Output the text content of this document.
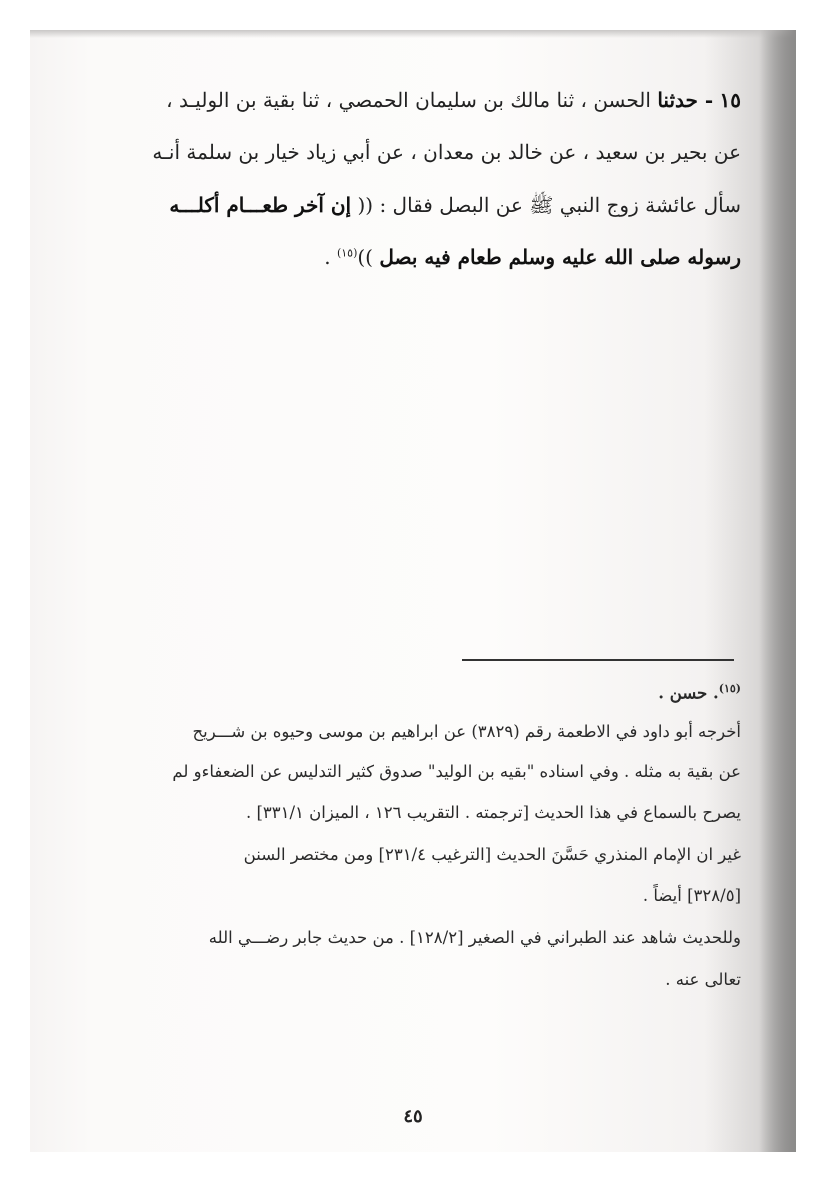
١٥ - حدثنا الحسن ، ثنا مالك بن سليمان الحمصي ، ثنا بقية بن الوليـد ،
عن بحير بن سعيد ، عن خالد بن معدان ، عن أبي زياد خيار بن سلمة أنـه
سأل عائشة زوج النبي ﷺ عن البصل فقال : (( إن آخر طعـــام أكلـــه
رسوله صلى الله عليه وسلم طعام فيه بصل ))$^{(١٥)}$ .
$^{(١٥)}$. حسن .
أخرجه أبو داود في الاطعمة رقم (٣٨٢٩) عن ابراهيم بن موسى وحيوه بن شـــريح
عن بقية به مثله . وفي اسناده "بقيه بن الوليد" صدوق كثير التدليس عن الضعفاءو لم
يصرح بالسماع في هذا الحديث [ترجمته . التقريب ١٢٦ ، الميزان ٣٣١/١] .
غير ان الإمام المنذري حَسَّنَ الحديث [الترغيب ٢٣١/٤] ومن مختصر السنن
[٣٢٨/٥] أيضاً .
وللحديث شاهد عند الطبراني في الصغير [١٢٨/٢] . من حديث جابر رضـــي الله
تعالى عنه .
٤٥
